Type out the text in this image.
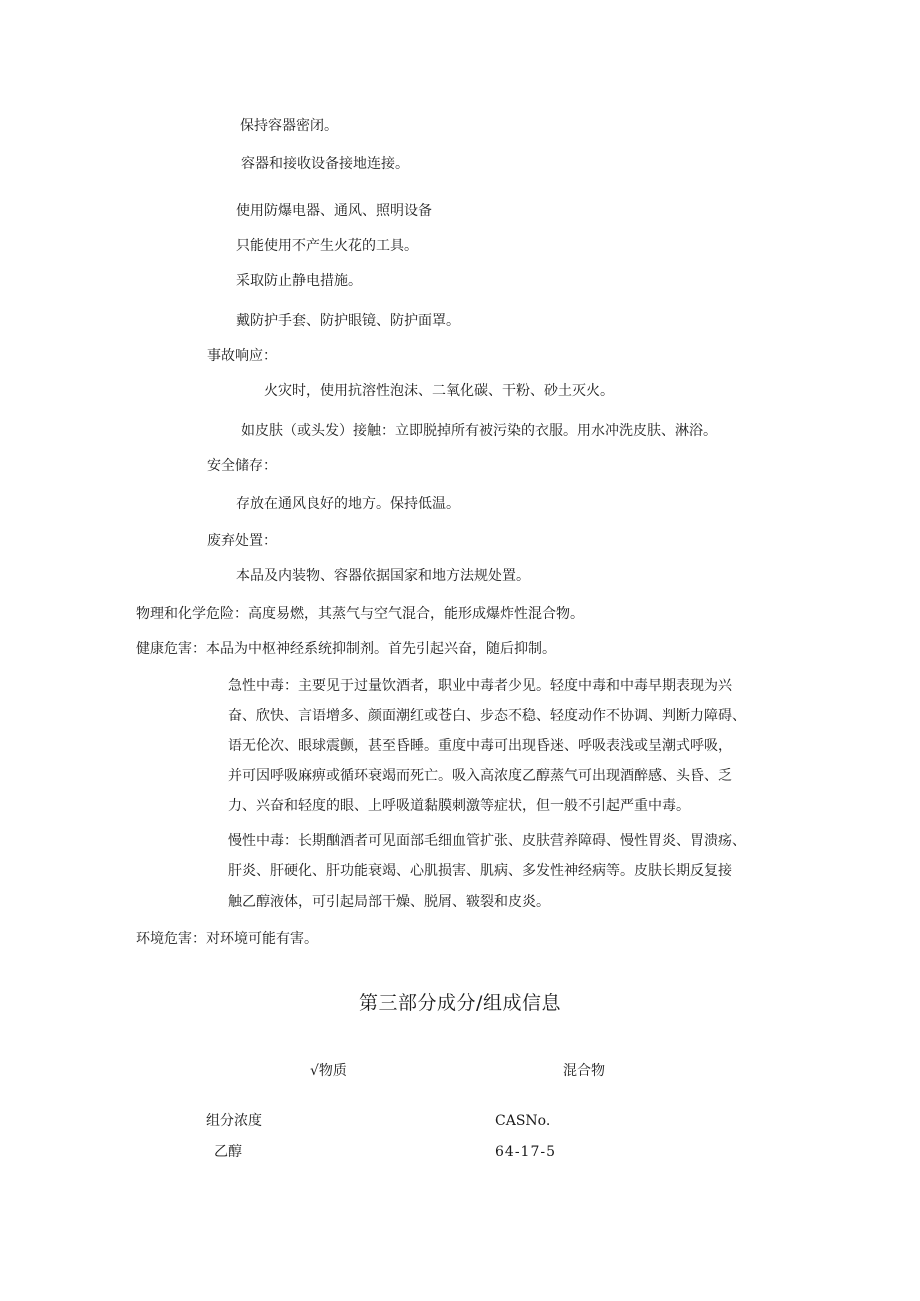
保持容器密闭。
容器和接收设备接地连接。
使用防爆电器、通风、照明设备
只能使用不产生火花的工具。
采取防止静电措施。
戴防护手套、防护眼镜、防护面罩。
事故响应：
火灾时，使用抗溶性泡沫、二氧化碳、干粉、砂土灭火。
如皮肤（或头发）接触：立即脱掉所有被污染的衣服。用水冲洗皮肤、淋浴。
安全储存：
存放在通风良好的地方。保持低温。
废弃处置：
本品及内装物、容器依据国家和地方法规处置。
物理和化学危险：高度易燃，其蒸气与空气混合，能形成爆炸性混合物。
健康危害：本品为中枢神经系统抑制剂。首先引起兴奋，随后抑制。
急性中毒：主要见于过量饮酒者，职业中毒者少见。轻度中毒和中毒早期表现为兴
奋、欣快、言语增多、颜面潮红或苍白、步态不稳、轻度动作不协调、判断力障碍、
语无伦次、眼球震颤，甚至昏睡。重度中毒可出现昏迷、呼吸表浅或呈潮式呼吸，
并可因呼吸麻痹或循环衰竭而死亡。吸入高浓度乙醇蒸气可出现酒醉感、头昏、乏
力、兴奋和轻度的眼、上呼吸道黏膜刺激等症状，但一般不引起严重中毒。
慢性中毒：长期酗酒者可见面部毛细血管扩张、皮肤营养障碍、慢性胃炎、胃溃疡、
肝炎、肝硬化、肝功能衰竭、心肌损害、肌病、多发性神经病等。皮肤长期反复接
触乙醇液体，可引起局部干燥、脱屑、皲裂和皮炎。
环境危害：对环境可能有害。
第三部分成分/组成信息
√物质	混合物
组分浓度	CASNo.
乙醇	64-17-5
